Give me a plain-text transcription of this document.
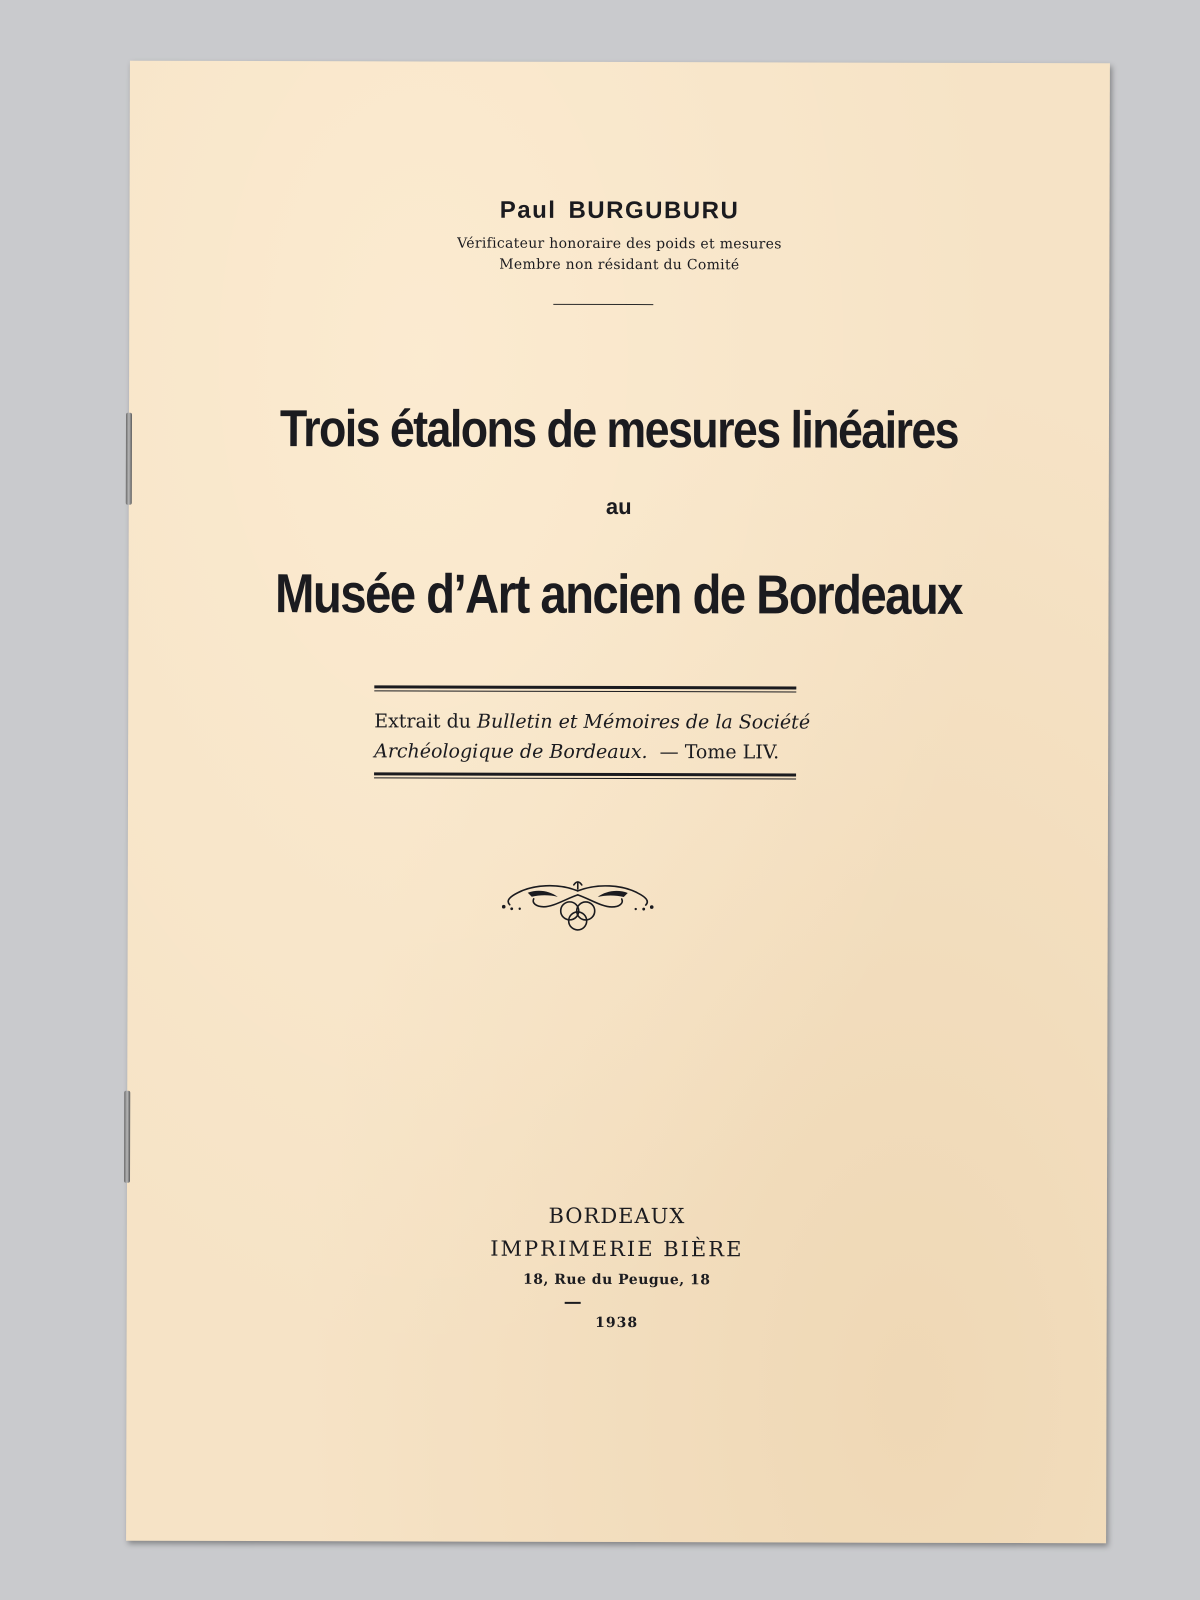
Paul BURGUBURU
Vérificateur honoraire des poids et mesures
Membre non résidant du Comité
Trois étalons de mesures linéaires
au
Musée d’Art ancien de Bordeaux
Extrait du Bulletin et Mémoires de la Société
Archéologique de Bordeaux. — Tome LIV.
BORDEAUX
IMPRIMERIE BIÈRE
18, Rue du Peugue, 18
1938
